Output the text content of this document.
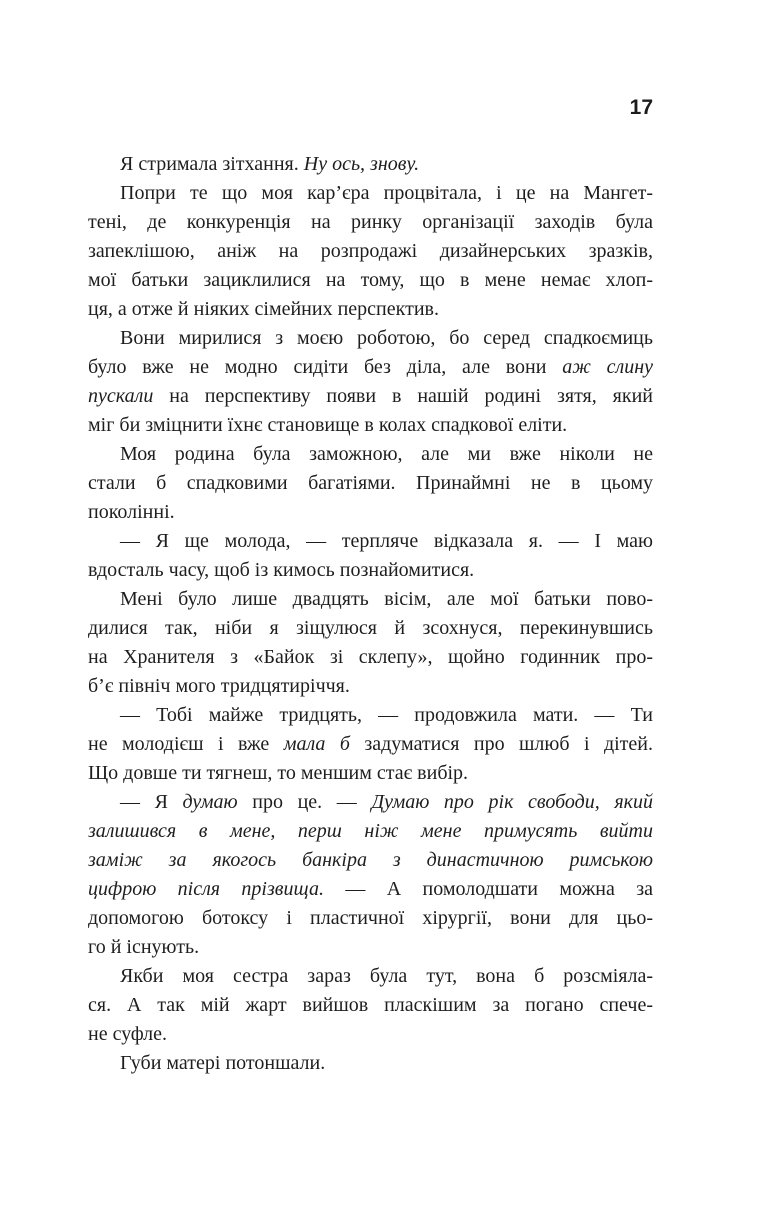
17
Я стримала зітхання. Ну ось, знову.
Попри те що моя кар’єра процвітала, і це на Мангет-
тені, де конкуренція на ринку організації заходів була
запеклішою, аніж на розпродажі дизайнерських зразків,
мої батьки зациклилися на тому, що в мене немає хлоп-
ця, а отже й ніяких сімейних перспектив.
Вони мирилися з моєю роботою, бо серед спадкоємиць
було вже не модно сидіти без діла, але вони аж слину
пускали на перспективу появи в нашій родині зятя, який
міг би зміцнити їхнє становище в колах спадкової еліти.
Моя родина була заможною, але ми вже ніколи не
стали б спадковими багатіями. Принаймні не в цьому
поколінні.
— Я ще молода, — терпляче відказала я. — І маю
вдосталь часу, щоб із кимось познайомитися.
Мені було лише двадцять вісім, але мої батьки пово-
дилися так, ніби я зіщулюся й зсохнуся, перекинувшись
на Хранителя з «Байок зі склепу», щойно годинник про-
б’є північ мого тридцятиріччя.
— Тобі майже тридцять, — продовжила мати. — Ти
не молодієш і вже мала б задуматися про шлюб і дітей.
Що довше ти тягнеш, то меншим стає вибір.
— Я думаю про це. — Думаю про рік свободи, який
залишився в мене, перш ніж мене примусять вийти
заміж за якогось банкіра з династичною римською
цифрою після прізвища. — А помолодшати можна за
допомогою ботоксу і пластичної хірургії, вони для цьо-
го й існують.
Якби моя сестра зараз була тут, вона б розсміяла-
ся. А так мій жарт вийшов пласкішим за погано спече-
не суфле.
Губи матері потоншали.
